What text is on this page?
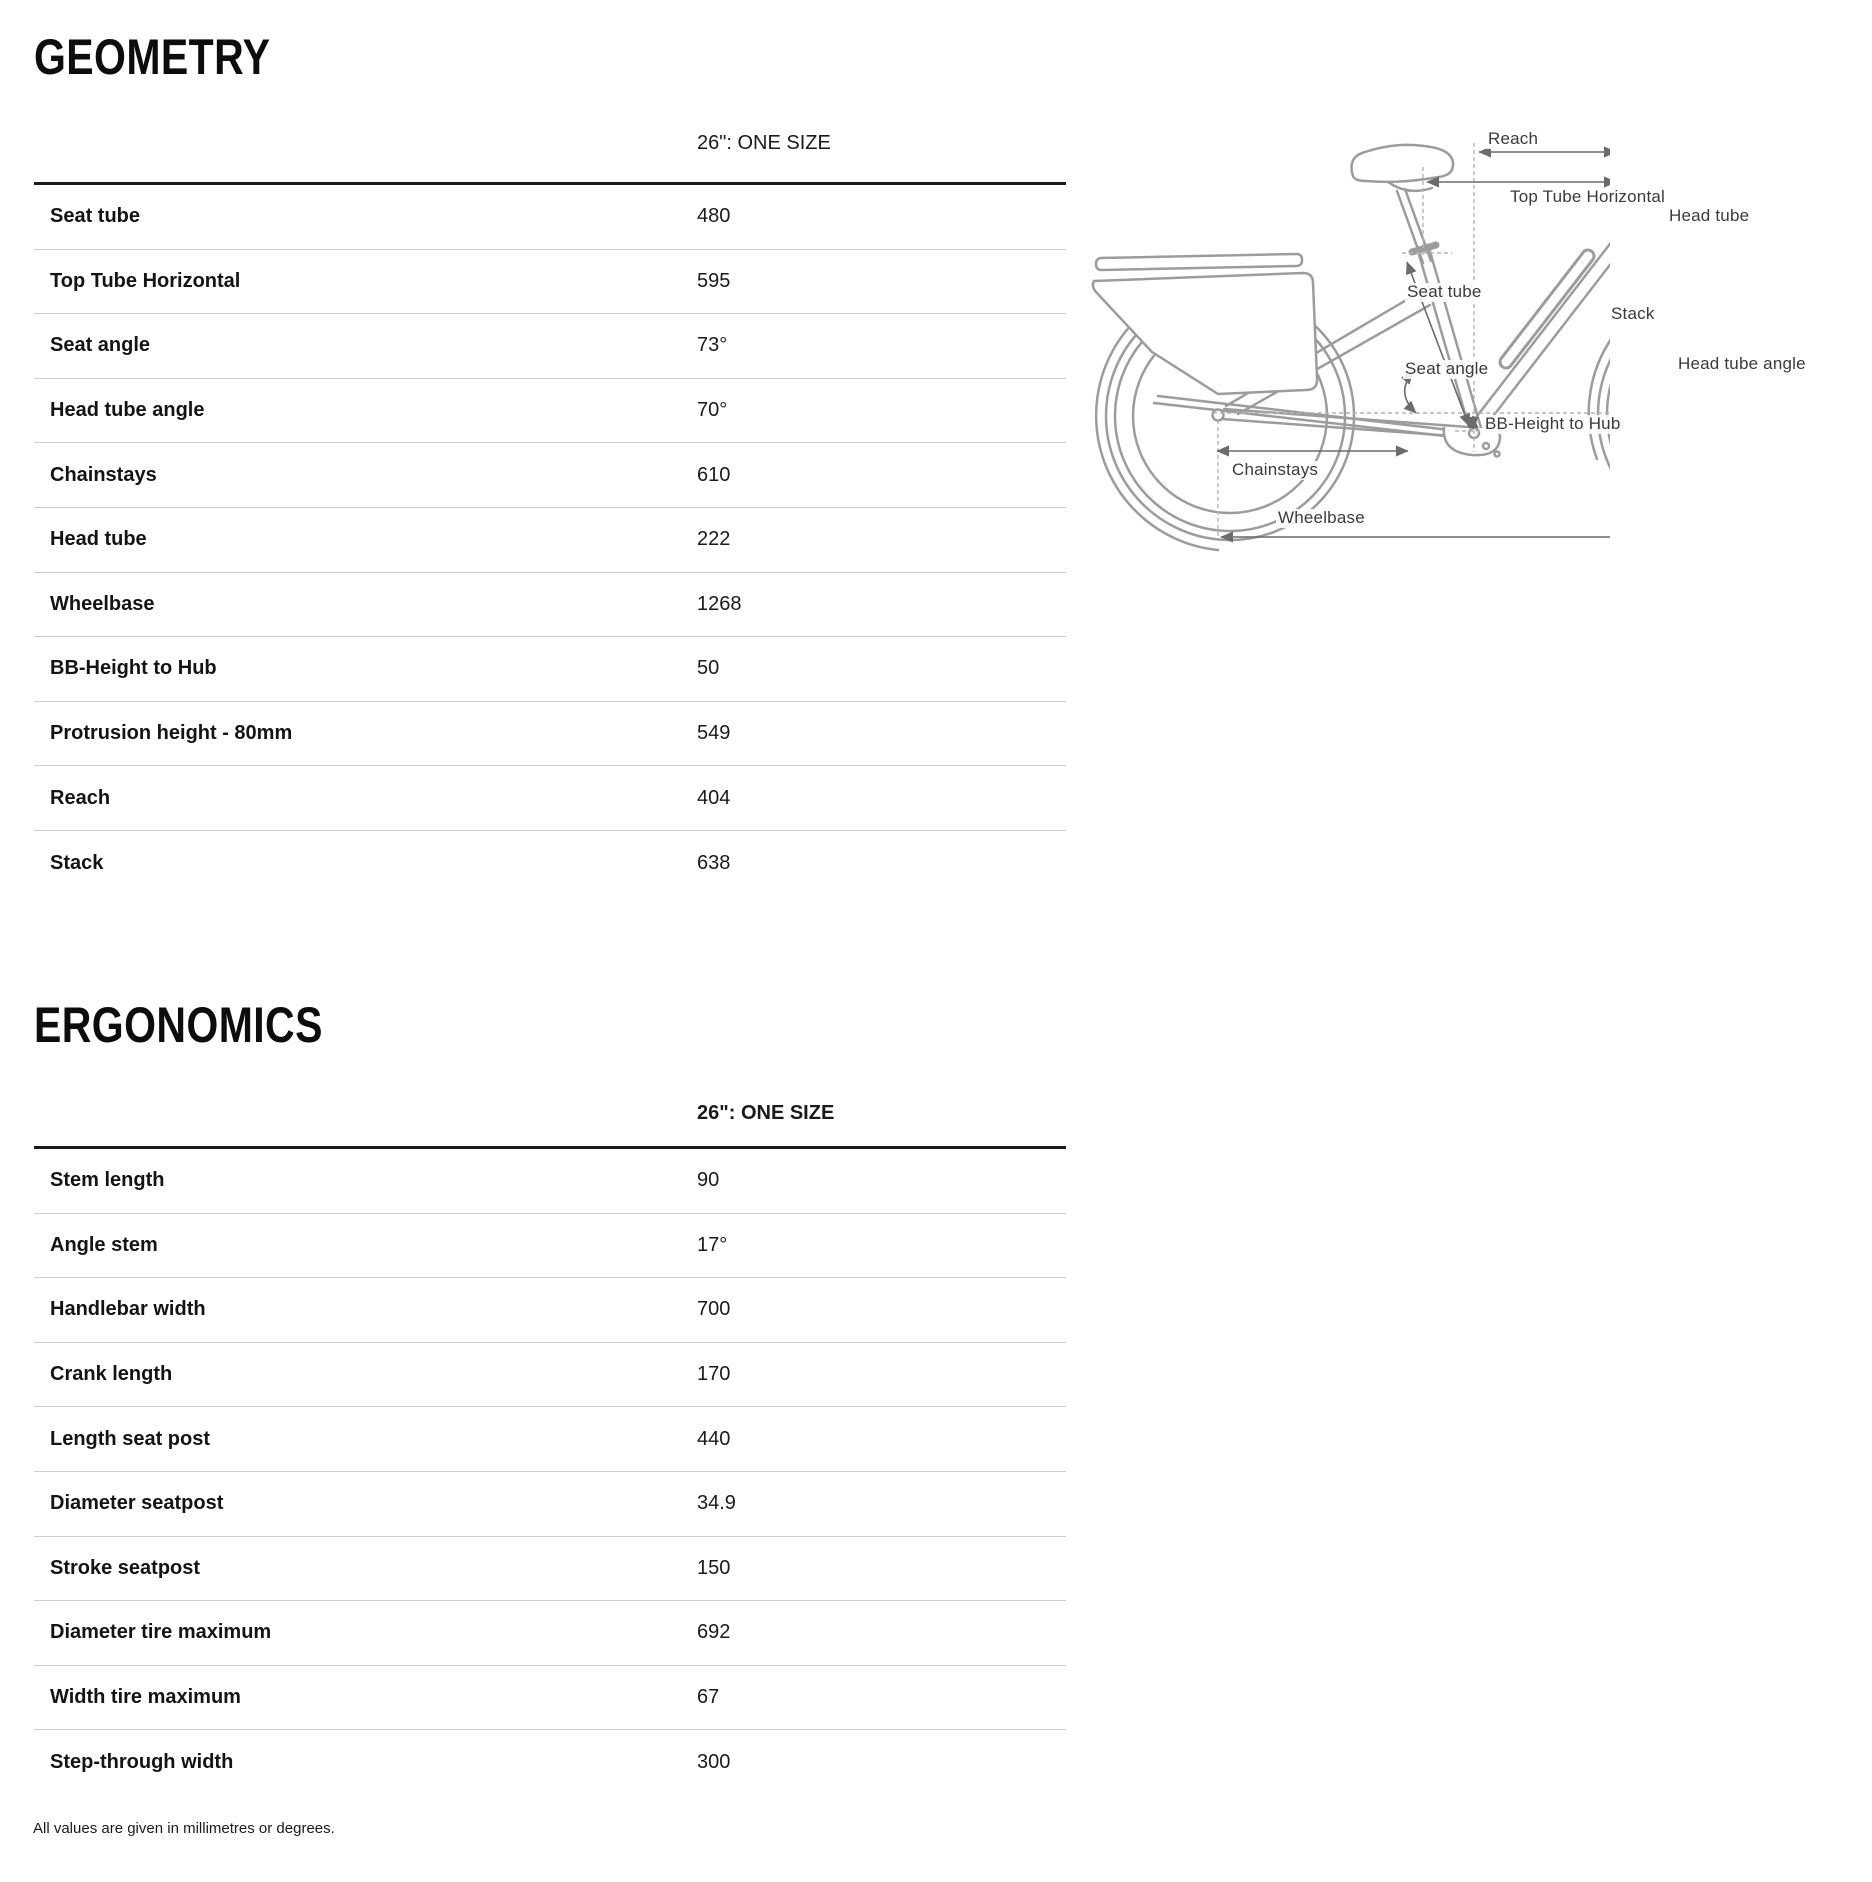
GEOMETRY
26": ONE SIZE
Seat tube	480
Top Tube Horizontal	595
Seat angle	73°
Head tube angle	70°
Chainstays	610
Head tube	222
Wheelbase	1268
BB-Height to Hub	50
Protrusion height - 80mm	549
Reach	404
Stack	638
ERGONOMICS
26": ONE SIZE
Stem length	90
Angle stem	17°
Handlebar width	700
Crank length	170
Length seat post	440
Diameter seatpost	34.9
Stroke seatpost	150
Diameter tire maximum	692
Width tire maximum	67
Step-through width	300
All values are given in millimetres or degrees.
Reach
Top Tube Horizontal
Head tube
Seat tube
Stack
Seat angle	Head tube angle
BB-Height to Hub
Chainstays
Wheelbase
